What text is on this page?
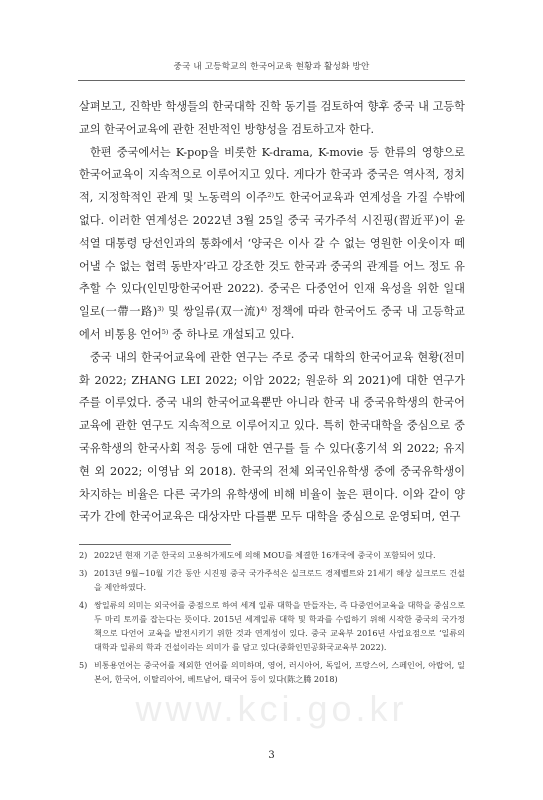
중국 내 고등학교의 한국어교육 현황과 활성화 방안

살펴보고, 진학반 학생들의 한국대학 진학 동기를 검토하여 향후 중국 내 고등학교의 한국어교육에 관한 전반적인 방향성을 검토하고자 한다.

한편 중국에서는 K-pop을 비롯한 K-drama, K-movie 등 한류의 영향으로 한국어교육이 지속적으로 이루어지고 있다. 게다가 한국과 중국은 역사적, 정치적, 지정학적인 관계 및 노동력의 이주$^{2)}$도 한국어교육과 연계성을 가질 수밖에 없다. 이러한 연계성은 2022년 3월 25일 중국 국가주석 시진핑(習近平)이 윤석열 대통령 당선인과의 통화에서 ‘양국은 이사 갈 수 없는 영원한 이웃이자 떼어낼 수 없는 협력 동반자’라고 강조한 것도 한국과 중국의 관계를 어느 정도 유추할 수 있다(인민망한국어판 2022). 중국은 다중언어 인재 육성을 위한 일대일로(一帶一路)$^{3)}$ 및 쌍일류(双一流)$^{4)}$ 정책에 따라 한국어도 중국 내 고등학교에서 비통용 언어$^{5)}$ 중 하나로 개설되고 있다.

중국 내의 한국어교육에 관한 연구는 주로 중국 대학의 한국어교육 현황(전미화 2022; ZHANG LEI 2022; 이암 2022; 원운하 외 2021)에 대한 연구가 주를 이루었다. 중국 내의 한국어교육뿐만 아니라 한국 내 중국유학생의 한국어교육에 관한 연구도 지속적으로 이루어지고 있다. 특히 한국대학을 중심으로 중국유학생의 한국사회 적응 등에 대한 연구를 들 수 있다(홍기석 외 2022; 유지현 외 2022; 이영남 외 2018). 한국의 전체 외국인유학생 중에 중국유학생이 차지하는 비율은 다른 국가의 유학생에 비해 비율이 높은 편이다. 이와 같이 양 국가 간에 한국어교육은 대상자만 다를뿐 모두 대학을 중심으로 운영되며, 연구

2) 2022년 현재 기준 한국의 고용허가제도에 의해 MOU를 체결한 16개국에 중국이 포함되어 있다.
3) 2013년 9월~10월 기간 동안 시진핑 중국 국가주석은 실크로드 경제벨트와 21세기 해상 실크로드 건설을 제안하였다.
4) 쌍일류의 의미는 외국어를 중점으로 하여 세계 일류 대학을 만들자는, 즉 다중언어교육을 대학을 중심으로 두 마리 토끼를 잡는다는 뜻이다. 2015년 세계일류 대학 및 학과를 수립하기 위해 시작한 중국의 국가정책으로 다언어 교육을 발전시키기 위한 것과 연계성이 있다. 중국 교육부 2016년 사업요점으로 ‘일류의 대학과 일류의 학과 건설이라는 의미가 를 담고 있다(중화인민공화국교육부 2022).
5) 비통용언어는 중국어를 제외한 언어를 의미하며, 영어, 러시아어, 독일어, 프랑스어, 스페인어, 아랍어, 일본어, 한국어, 이탈리아어, 베트남어, 태국어 등이 있다(陈之腾 2018)
www.kci.go.kr
3
